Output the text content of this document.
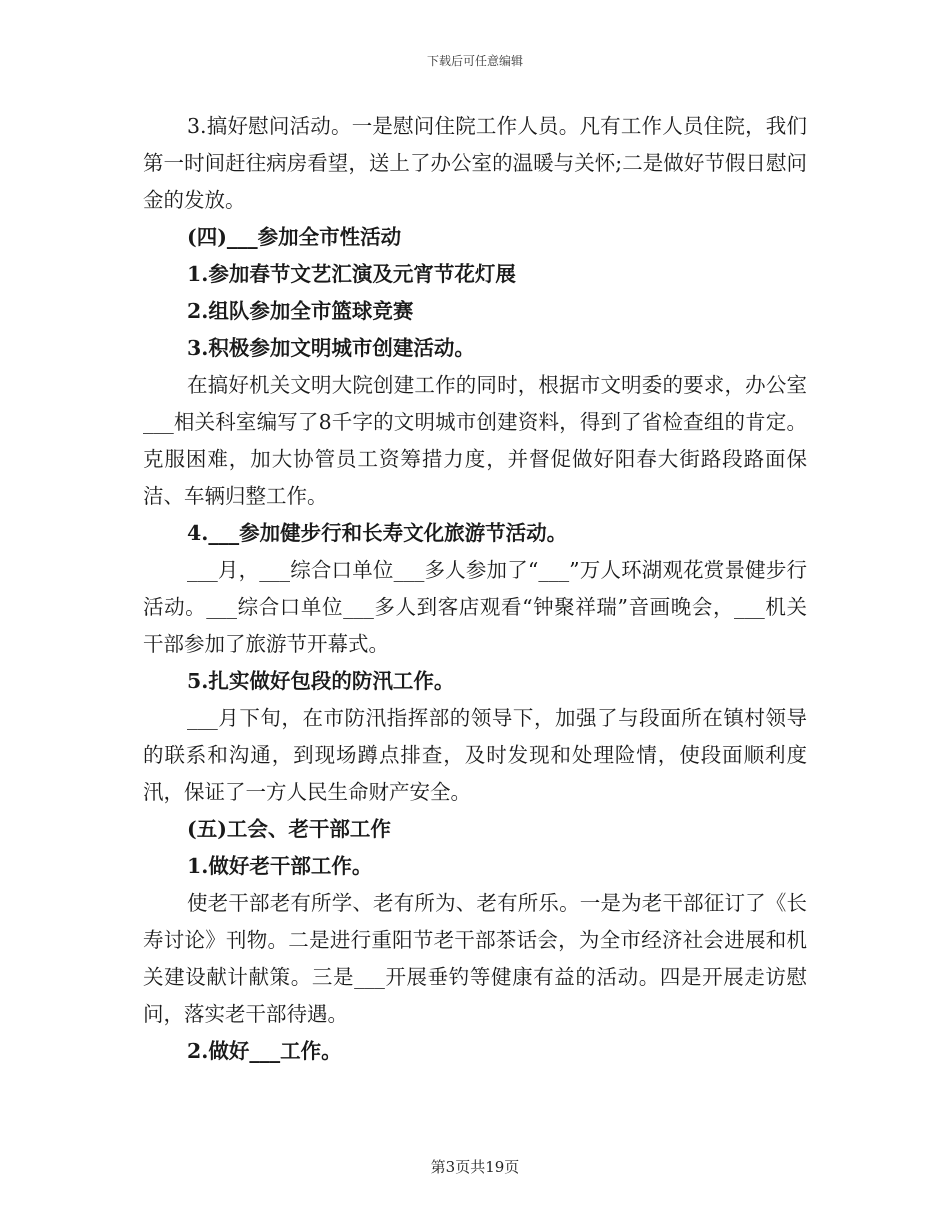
下载后可任意编辑

3.搞好慰问活动。一是慰问住院工作人员。凡有工作人员住院，我们第一时间赶往病房看望，送上了办公室的温暖与关怀;二是做好节假日慰问金的发放。

(四)___参加全市性活动

1.参加春节文艺汇演及元宵节花灯展

2.组队参加全市篮球竞赛

3.积极参加文明城市创建活动。

在搞好机关文明大院创建工作的同时，根据市文明委的要求，办公室___相关科室编写了8千字的文明城市创建资料，得到了省检查组的肯定。克服困难，加大协管员工资筹措力度，并督促做好阳春大街路段路面保洁、车辆归整工作。

4.___参加健步行和长寿文化旅游节活动。

___月，___综合口单位___多人参加了“___”万人环湖观花赏景健步行活动。___综合口单位___多人到客店观看“钟聚祥瑞”音画晚会，___机关干部参加了旅游节开幕式。

5.扎实做好包段的防汛工作。

___月下旬，在市防汛指挥部的领导下，加强了与段面所在镇村领导的联系和沟通，到现场蹲点排查，及时发现和处理险情，使段面顺利度汛，保证了一方人民生命财产安全。

(五)工会、老干部工作

1.做好老干部工作。

使老干部老有所学、老有所为、老有所乐。一是为老干部征订了《长寿讨论》刊物。二是进行重阳节老干部茶话会，为全市经济社会进展和机关建设献计献策。三是___开展垂钓等健康有益的活动。四是开展走访慰问，落实老干部待遇。

2.做好___工作。

第3页共19页
